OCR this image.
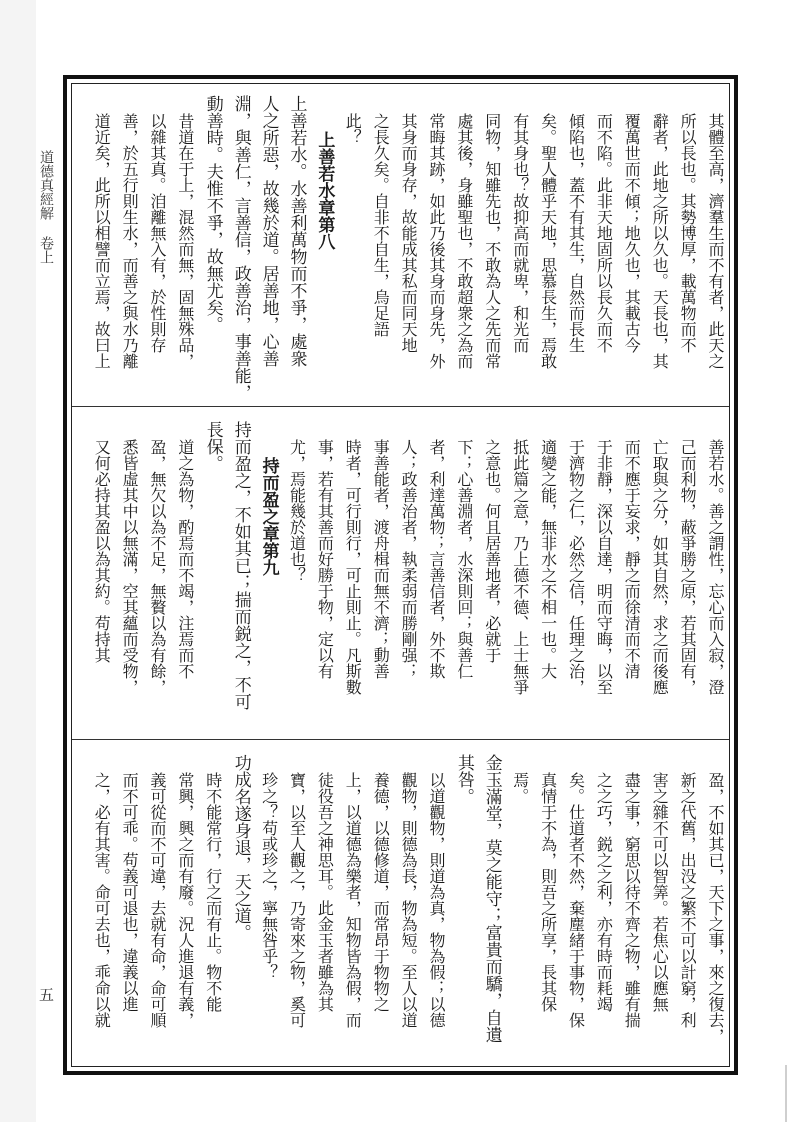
道德真經解卷上
五
其體至高，濟羣生而不有者，此天之
所以長也。其勢博厚，載萬物而不
辭者，此地之所以久也。天長也，其
覆萬世而不傾；地久也，其載古今
而不陷。此非天地固所以長久而不
傾陷也，蓋不有其生，自然而長生
矣。聖人體乎天地，思慕長生，焉敢
有其身也？故抑高而就卑，和光而
同物，知雖先也，不敢為人之先而常
處其後，身雖聖也，不敢超衆之為而
常晦其跡，如此乃後其身而身先，外
其身而身存，故能成其私而同天地
之長久矣。自非不自生，烏足語
此？
上善若水章第八
上善若水。水善利萬物而不爭，處衆
人之所惡，故幾於道。居善地，心善
淵，與善仁，言善信，政善治，事善能，
動善時。夫惟不爭，故無尤矣。
昔道在于上，混然而無，固無殊品，
以雜其真。洎離無入有，於性則存
善，於五行則生水，而善之與水乃離
道近矣，此所以相譬而立焉，故曰上
善若水。善之謂性，忘心而入寂，澄
己而利物，蔽爭勝之原，若其固有，
亡取與之分，如其自然，求之而後應
而不應于妄求，靜之而徐清而不清
于非靜，深以自達，明而守晦，以至
于濟物之仁，必然之信，任理之治，
適變之能，無非水之不相一也。大
抵此篇之意，乃上德不德、上士無爭
之意也。何且居善地者，必就于
下；心善淵者，水深則回；與善仁
者，利達萬物；言善信者，外不欺
人；政善治者，執柔弱而勝剛强；
事善能者，渡舟楫而無不濟；動善
時者，可行則行，可止則止。凡斯數
事，若有其善而好勝于物，定以有
尤，焉能幾於道也？
持而盈之章第九
持而盈之，不如其已；揣而鋭之，不可
長保。
道之為物，酌焉而不竭，注焉而不
盈，無欠以為不足，無贅以為有餘，
悉皆虛其中以無滿，空其蘊而受物，
又何必持其盈以為其約。苟持其
盈，不如其已，天下之事，來之復去，
新之代舊，出没之繁不可以計窮，利
害之雜不可以智筭。若焦心以應無
盡之事，窮思以待不齊之物，雖有揣
之之巧，鋭之之利，亦有時而耗竭
矣。仕道者不然，棄塵緒于事物，保
真情于不為，則吾之所享，長其保
焉。
金玉滿堂，莫之能守；富貴而驕，自遺
其咎。
以道觀物，則道為真，物為假；以德
觀物，則德為長，物為短。至人以道
養德，以德修道，而常昂于物物之
上，以道德為樂者，知物皆為假，而
徒役吾之神思耳。此金玉者雖為其
寶，以至人觀之，乃寄來之物，奚可
珍之？苟或珍之，寧無咎乎？
功成名遂身退，天之道。
時不能常行，行之而有止。物不能
常興，興之而有廢。況人進退有義，
義可從而不可違，去就有命，命可順
而不可乖。苟義可退也，違義以進
之，必有其害。命可去也，乖命以就
